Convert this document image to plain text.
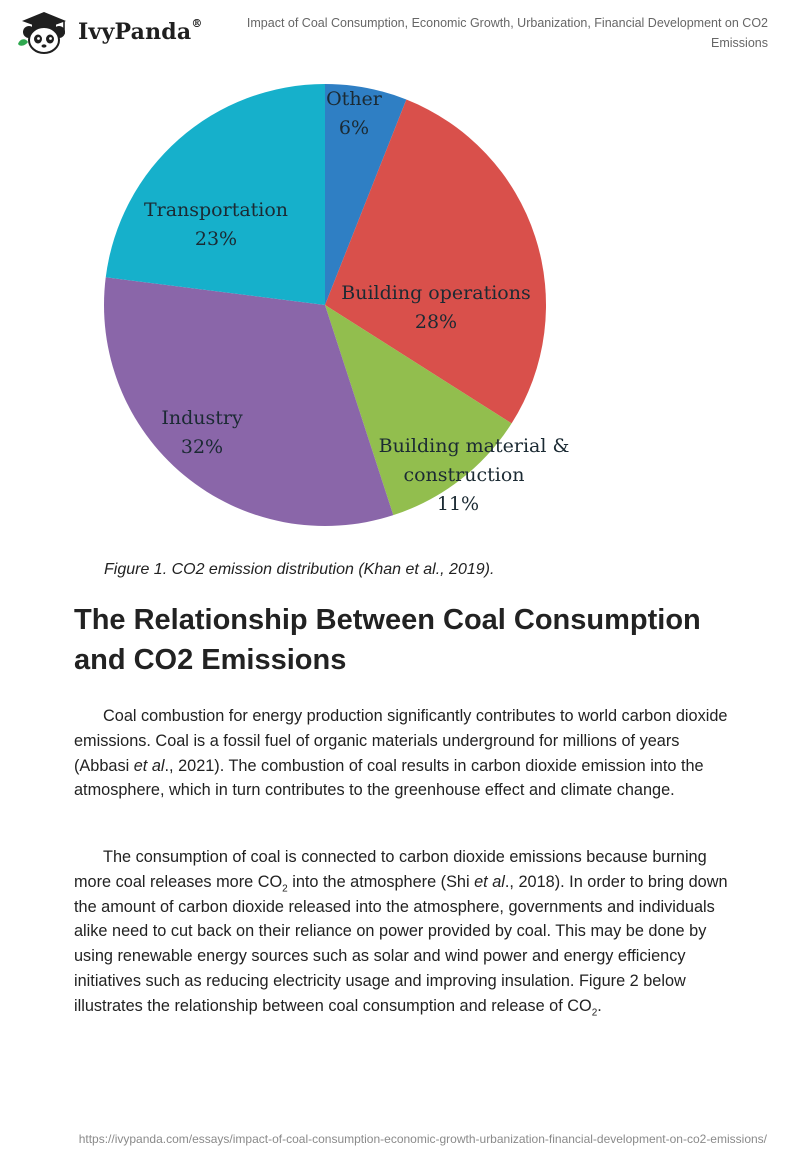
IvyPanda®	Impact of Coal Consumption, Economic Growth, Urbanization, Financial Development on CO2 Emissions
Other 6%
Building operations 28%
Building material & construction 11%
Industry 32%
Transportation 23%
Figure 1. CO2 emission distribution (Khan et al., 2019).
The Relationship Between Coal Consumption and CO2 Emissions

Coal combustion for energy production significantly contributes to world carbon dioxide emissions. Coal is a fossil fuel of organic materials underground for millions of years (Abbasi et al., 2021). The combustion of coal results in carbon dioxide emission into the atmosphere, which in turn contributes to the greenhouse effect and climate change.

The consumption of coal is connected to carbon dioxide emissions because burning more coal releases more $CO_2$ into the atmosphere (Shi et al., 2018). In order to bring down the amount of carbon dioxide released into the atmosphere, governments and individuals alike need to cut back on their reliance on power provided by coal. This may be done by using renewable energy sources such as solar and wind power and energy efficiency initiatives such as reducing electricity usage and improving insulation. Figure 2 below illustrates the relationship between coal consumption and release of $CO_2$.

https://ivypanda.com/essays/impact-of-coal-consumption-economic-growth-urbanization-financial-development-on-co2-emissions/
